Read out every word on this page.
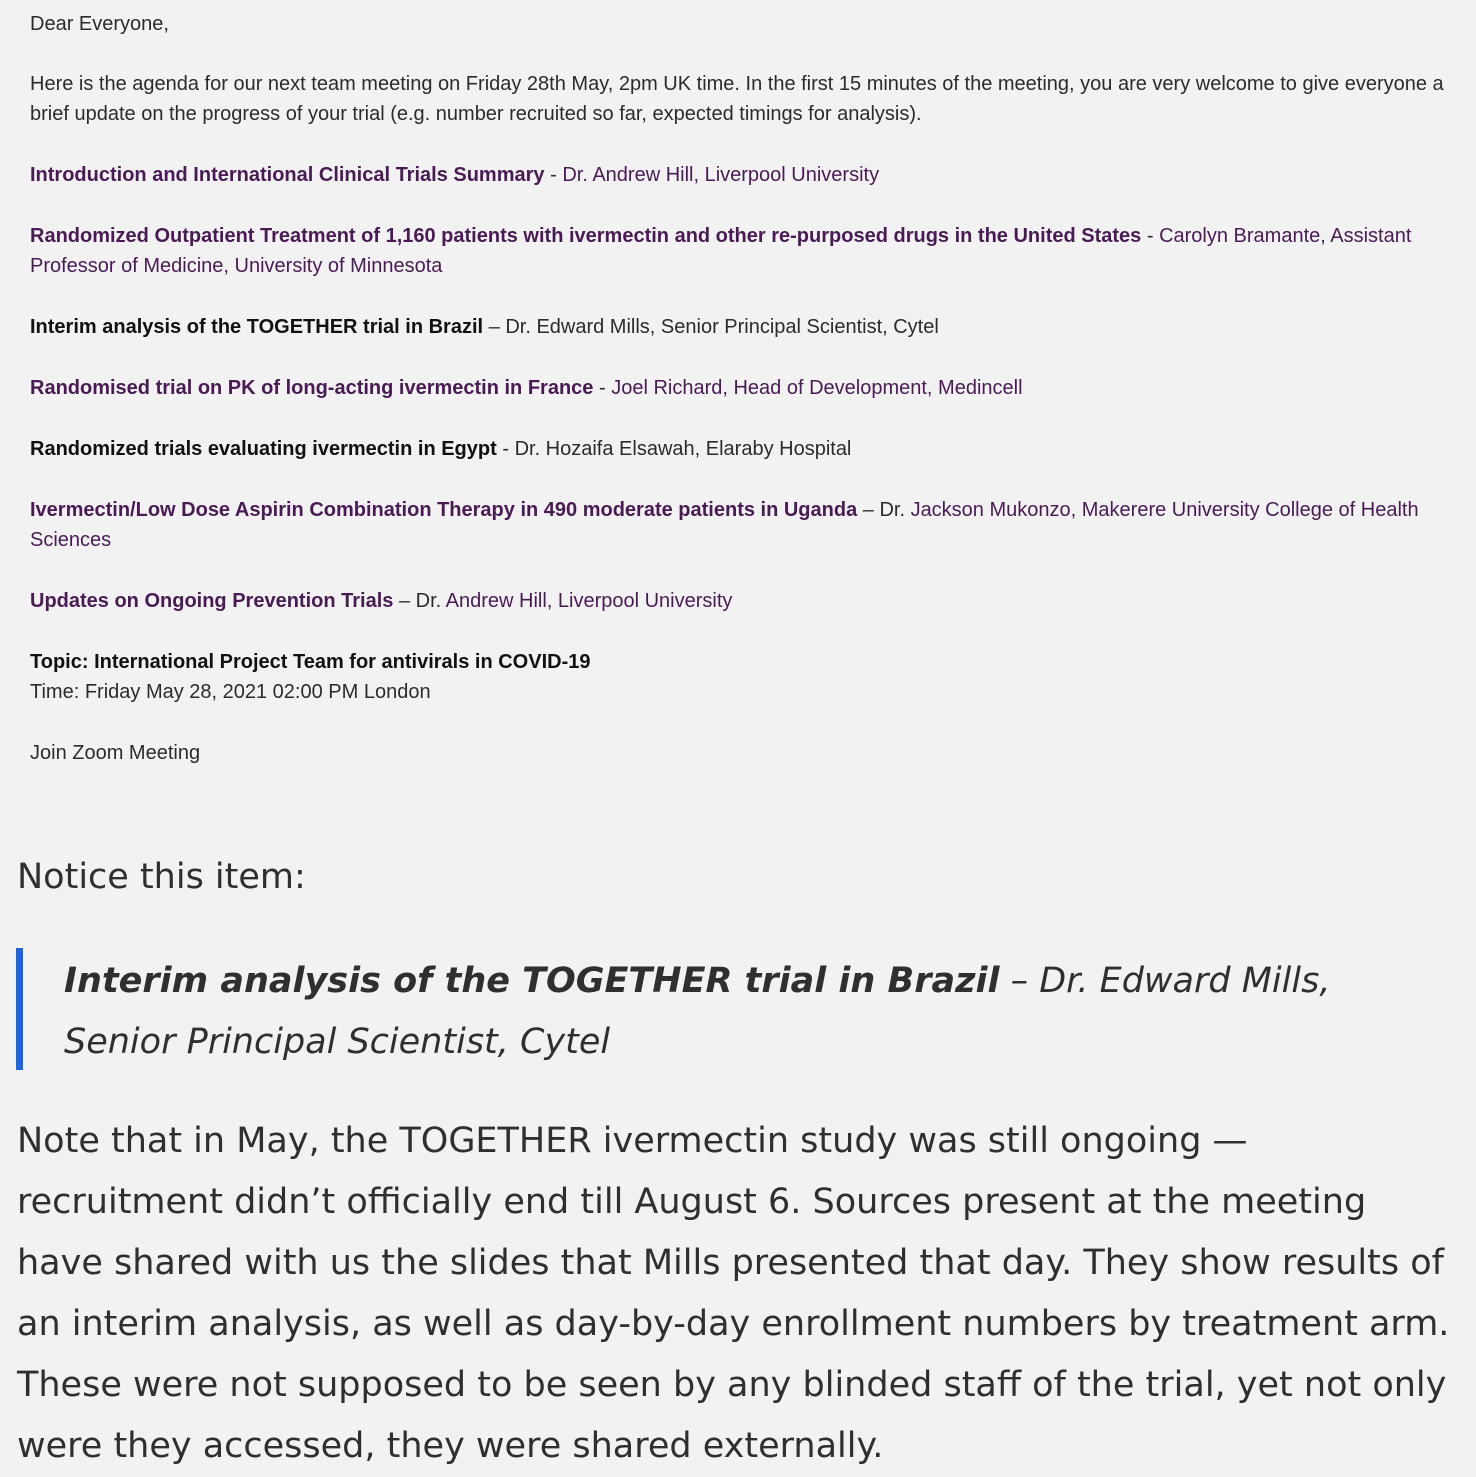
Dear Everyone,

Here is the agenda for our next team meeting on Friday 28th May, 2pm UK time. In the first 15 minutes of the meeting, you are very welcome to give everyone a brief update on the progress of your trial (e.g. number recruited so far, expected timings for analysis).

Introduction and International Clinical Trials Summary - Dr. Andrew Hill, Liverpool University

Randomized Outpatient Treatment of 1,160 patients with ivermectin and other re-purposed drugs in the United States - Carolyn Bramante, Assistant Professor of Medicine, University of Minnesota

Interim analysis of the TOGETHER trial in Brazil – Dr. Edward Mills, Senior Principal Scientist, Cytel

Randomised trial on PK of long-acting ivermectin in France - Joel Richard, Head of Development, Medincell

Randomized trials evaluating ivermectin in Egypt - Dr. Hozaifa Elsawah, Elaraby Hospital

Ivermectin/Low Dose Aspirin Combination Therapy in 490 moderate patients in Uganda – Dr. Jackson Mukonzo, Makerere University College of Health Sciences

Updates on Ongoing Prevention Trials – Dr. Andrew Hill, Liverpool University

Topic: International Project Team for antivirals in COVID-19
Time: Friday May 28, 2021 02:00 PM London

Join Zoom Meeting

Notice this item:

Interim analysis of the TOGETHER trial in Brazil – Dr. Edward Mills, Senior Principal Scientist, Cytel

Note that in May, the TOGETHER ivermectin study was still ongoing — recruitment didn’t officially end till August 6. Sources present at the meeting have shared with us the slides that Mills presented that day. They show results of an interim analysis, as well as day-by-day enrollment numbers by treatment arm. These were not supposed to be seen by any blinded staff of the trial, yet not only were they accessed, they were shared externally.
